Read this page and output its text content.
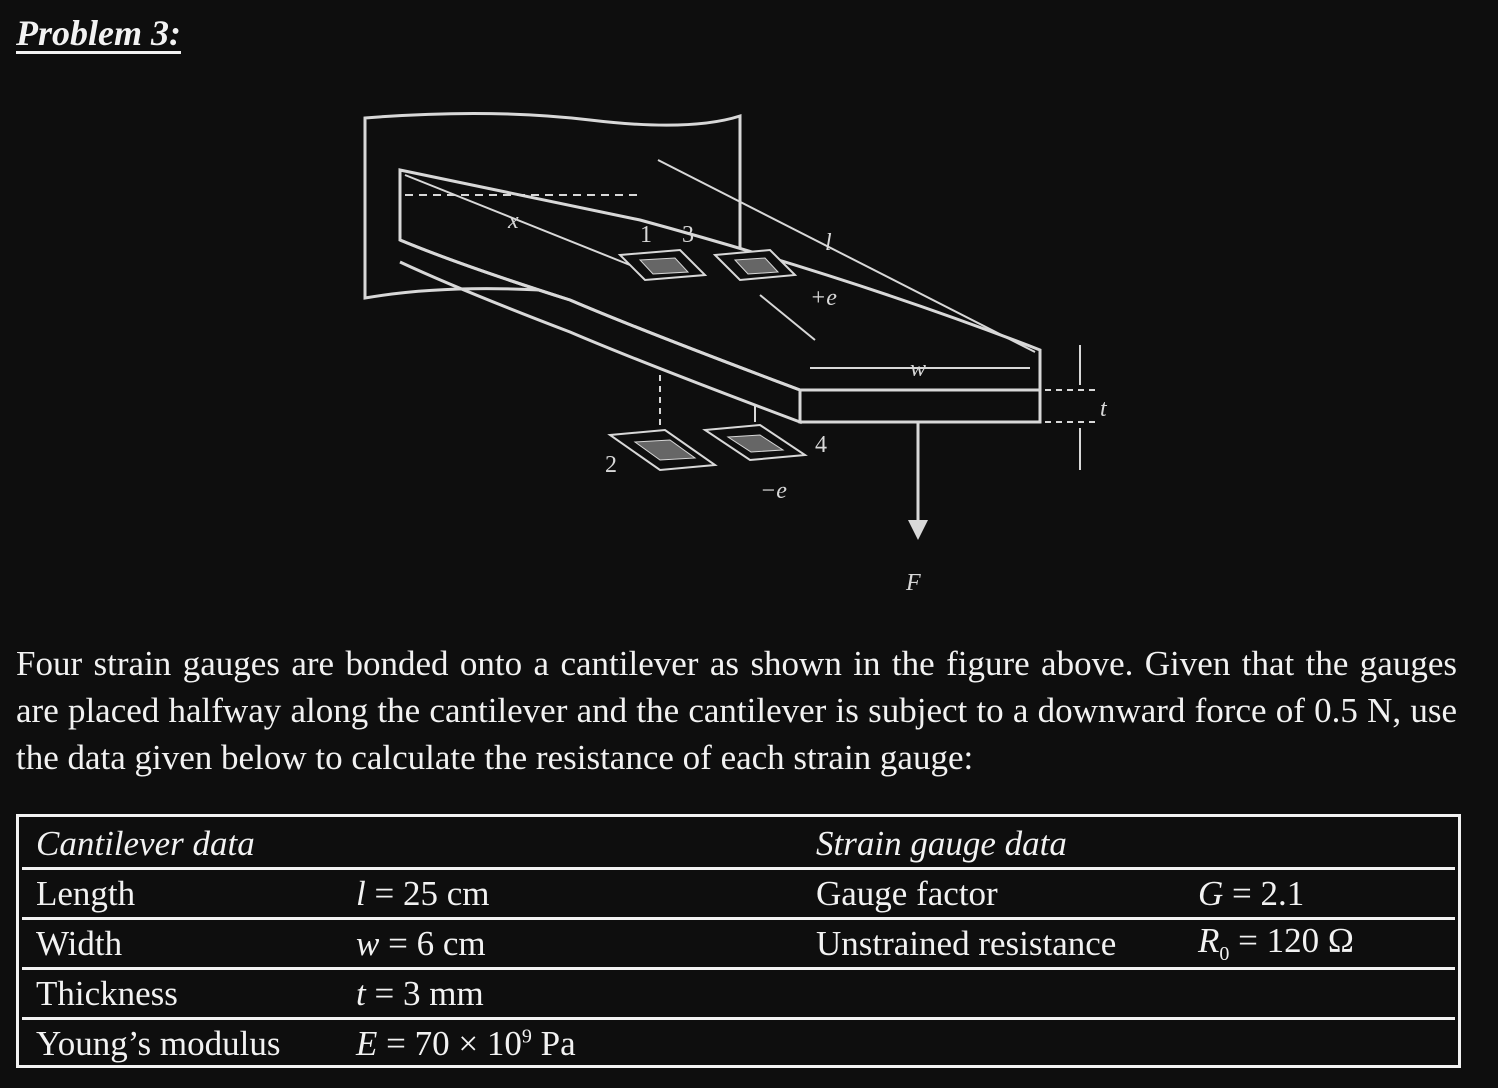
Problem 3:
x
l
1 3
+e
w
t
2
4
−e
F

Four strain gauges are bonded onto a cantilever as shown in the figure above. Given that the gauges are placed halfway along the cantilever and the cantilever is subject to a downward force of 0.5 N, use the data given below to calculate the resistance of each strain gauge:

Cantilever data		Strain gauge data	
Length	l = 25 cm	Gauge factor	G = 2.1
Width	w = 6 cm	Unstrained resistance	$R_0 = 120$ Ω
Thickness	t = 3 mm		
Young’s modulus	$E = 70 \times 10^9$ Pa		
